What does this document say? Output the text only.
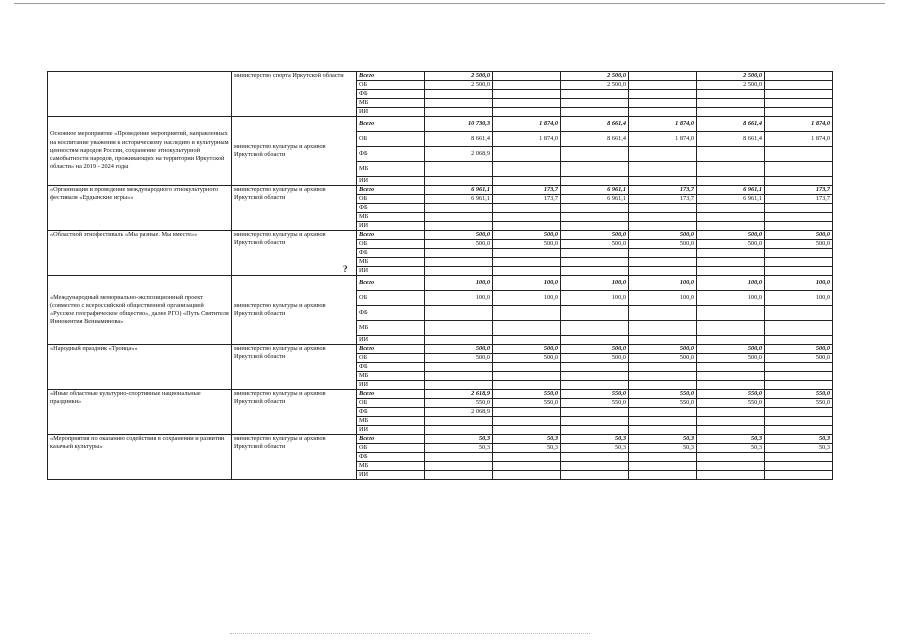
	министерство спорта Иркутской области	Всего	2 500,0		2 500,0		2 500,0	
		ОБ	2 500,0		2 500,0		2 500,0	
		ФБ						
		МБ						
		ИИ						
Основное мероприятие «Проведение мероприятий, направленных на воспитание уважения к историческому наследию и культурным ценностям народов России, сохранение этнокультурной самобытности народов, проживающих на территории Иркутской области» на 2019 - 2024 годы	министерство культуры и архивов Иркутской области	Всего	10 730,3	1 874,0	8 661,4	1 874,0	8 661,4	1 874,0
		ОБ	8 661,4	1 874,0	8 661,4	1 874,0	8 661,4	1 874,0
		ФБ	2 068,9					
		МБ						
		ИИ						
«Организация и проведение международного этнокультурного фестиваля «Ердынские игры»»	министерство культуры и архивов Иркутской области	Всего	6 961,1	173,7	6 961,1	173,7	6 961,1	173,7
		ОБ	6 961,1	173,7	6 961,1	173,7	6 961,1	173,7
		ФБ						
		МБ						
		ИИ						
«Областной этнофестиваль «Мы разные. Мы вместе»»	министерство культуры и архивов Иркутской области	Всего	500,0	500,0	500,0	500,0	500,0	500,0
		ОБ	500,0	500,0	500,0	500,0	500,0	500,0
		ФБ						
		МБ						
		ИИ						
«Международный мемориально-экспозиционный проект (совместно с всероссийской общественной организацией «Русское географическое общество», далее РГО) «Путь Святителя Иннокентия Вениаминова»	министерство культуры и архивов Иркутской области	Всего	100,0	100,0	100,0	100,0	100,0	100,0
		ОБ	100,0	100,0	100,0	100,0	100,0	100,0
		ФБ						
		МБ						
		ИИ						
«Народный праздник «Троица»»	министерство культуры и архивов Иркутской области	Всего	500,0	500,0	500,0	500,0	500,0	500,0
		ОБ	500,0	500,0	500,0	500,0	500,0	500,0
		ФБ						
		МБ						
		ИИ						
«Иные областные культурно-спортивные национальные праздники»	министерство культуры и архивов Иркутской области	Всего	2 618,9	550,0	550,0	550,0	550,0	550,0
		ОБ	550,0	550,0	550,0	550,0	550,0	550,0
		ФБ	2 068,9					
		МБ						
		ИИ						
«Мероприятия по оказанию содействия в сохранении и развитии казачьей культуры»	министерство культуры и архивов Иркутской области	Всего	50,3	50,3	50,3	50,3	50,3	50,3
		ОБ	50,3	50,3	50,3	50,3	50,3	50,3
		ФБ						
		МБ						
		ИИ						
?
